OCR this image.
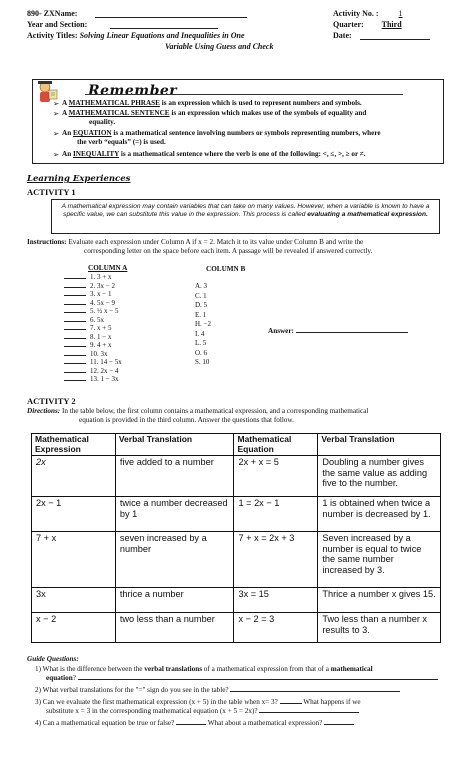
890- ZXName:	Activity No. :	1
Year and Section:	Quarter: Third
Activity Titles: Solving Linear Equations and Inequalities in One
Variable Using Guess and Check
Date:
Remember
➢ A MATHEMATICAL PHRASE is an expression which is used to represent numbers and symbols.
➢ A MATHEMATICAL SENTENCE is an expression which makes use of the symbols of equality and
equality.
➢ An EQUATION is a mathematical sentence involving numbers or symbols representing numbers, where
the verb “equals” (=) is used.
➢ An INEQUALITY is a mathematical sentence where the verb is one of the following: <, ≤, >, ≥ or ≠.
Learning Experiences
ACTIVITY 1
A mathematical expression may contain variables that can take on many values. However, when a variable is known to have a specific value, we can substitute this value in the expression. This process is called evaluating a mathematical expression.
Instructions: Evaluate each expression under Column A if x = 2. Match it to its value under Column B and write the
corresponding letter on the space before each item. A passage will be revealed if answered correctly.
COLUMN A	COLUMN B
1. 3 + x
2. 3x − 2
3. x − 1
4. 5x − 9
5. ½ x − 5
6. 5x
7. x + 5
8. 1 − x
9. 4 + x
10. 3x
11. 14 − 5x
12. 2x − 4
13. 1 − 3x
A. 3
C. 1
D. 5
E. 1
H. −2
I. 4
L. 5
O. 6
S. 10
Answer:
ACTIVITY 2
Directions: In the table below, the first column contains a mathematical expression, and a corresponding mathematical
equation is provided in the third column. Answer the questions that follow.
Mathematical Expression	Verbal Translation	Mathematical Equation	Verbal Translation
2x	five added to a number	2x + x = 5	Doubling a number gives the same value as adding five to the number.
2x − 1	twice a number decreased by 1	1 = 2x − 1	1 is obtained when twice a number is decreased by 1.
7 + x	seven increased by a number	7 + x = 2x + 3	Seven increased by a number is equal to twice the same number increased by 3.
3x	thrice a number	3x = 15	Thrice a number x gives 15.
x − 2	two less than a number	x − 2 = 3	Two less than a number x results to 3.
Guide Questions:
1) What is the difference between the verbal translations of a mathematical expression from that of a mathematical
equation?
2) What verbal translations for the "=" sign do you see in the table?
3) Can we evaluate the first mathematical expression (x + 5) in the table when x= 3?	What happens if we
substitute x = 3 in the corresponding mathematical equation (x + 5 = 2x)?
4) Can a mathematical equation be true or false?	What about a mathematical expression?
